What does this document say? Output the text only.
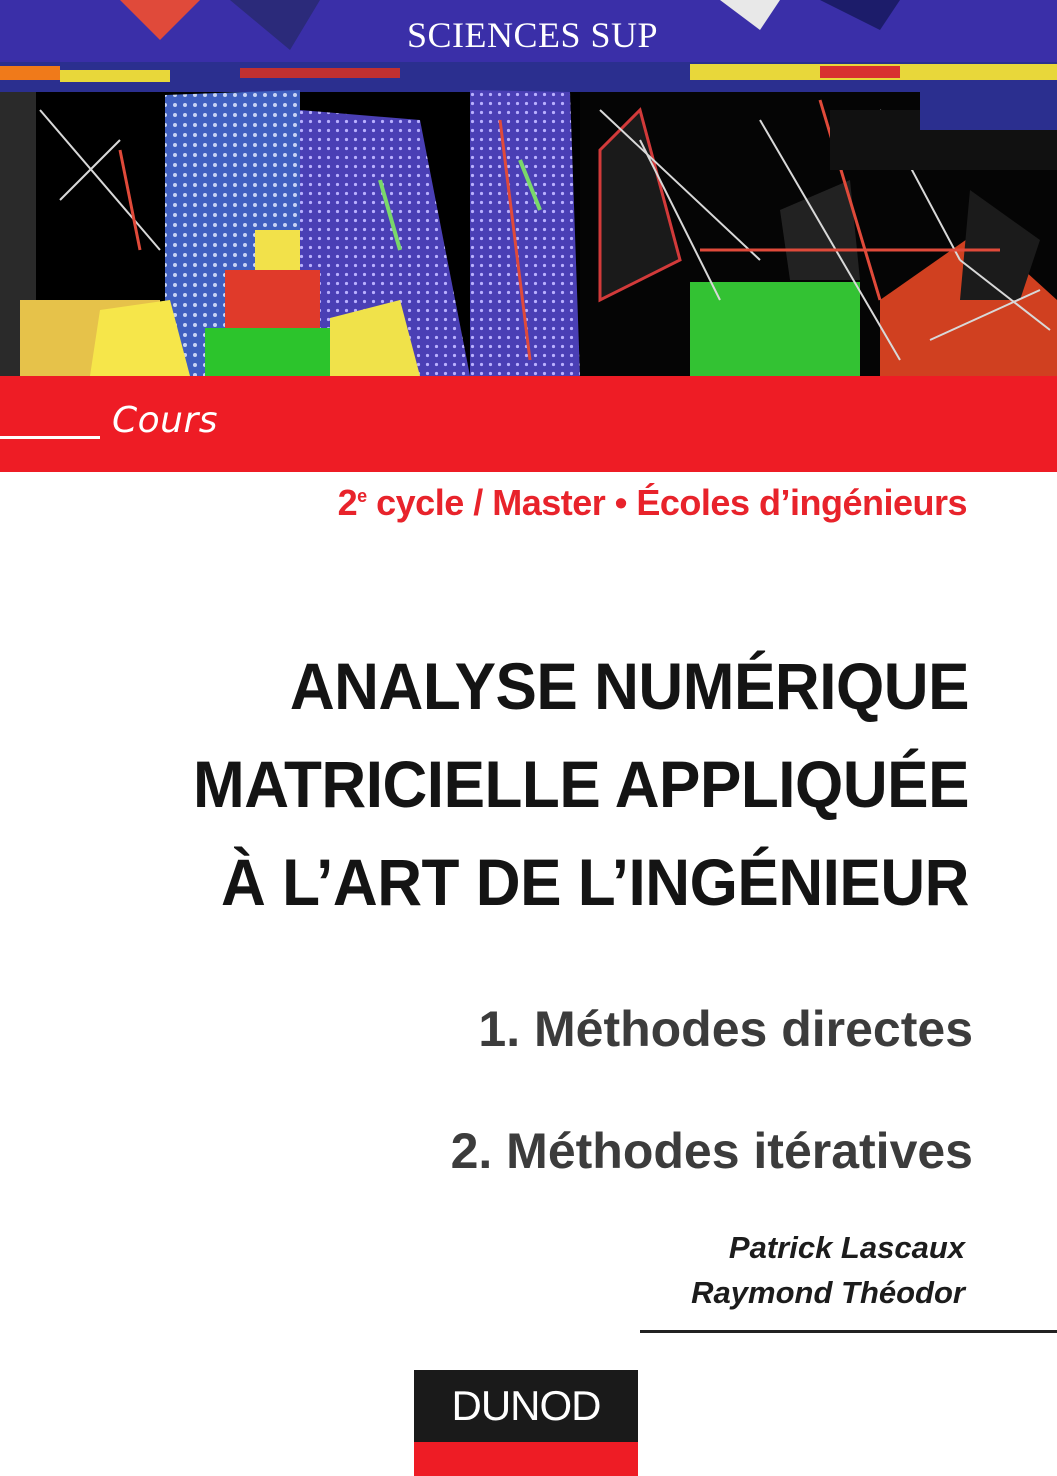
SCIENCES SUP
Cours
2e cycle / Master • Écoles d’ingénieurs
ANALYSE NUMÉRIQUE
MATRICIELLE APPLIQUÉE
À L’ART DE L’INGÉNIEUR
1. Méthodes directes
2. Méthodes itératives
Patrick Lascaux
Raymond Théodor
DUNOD
